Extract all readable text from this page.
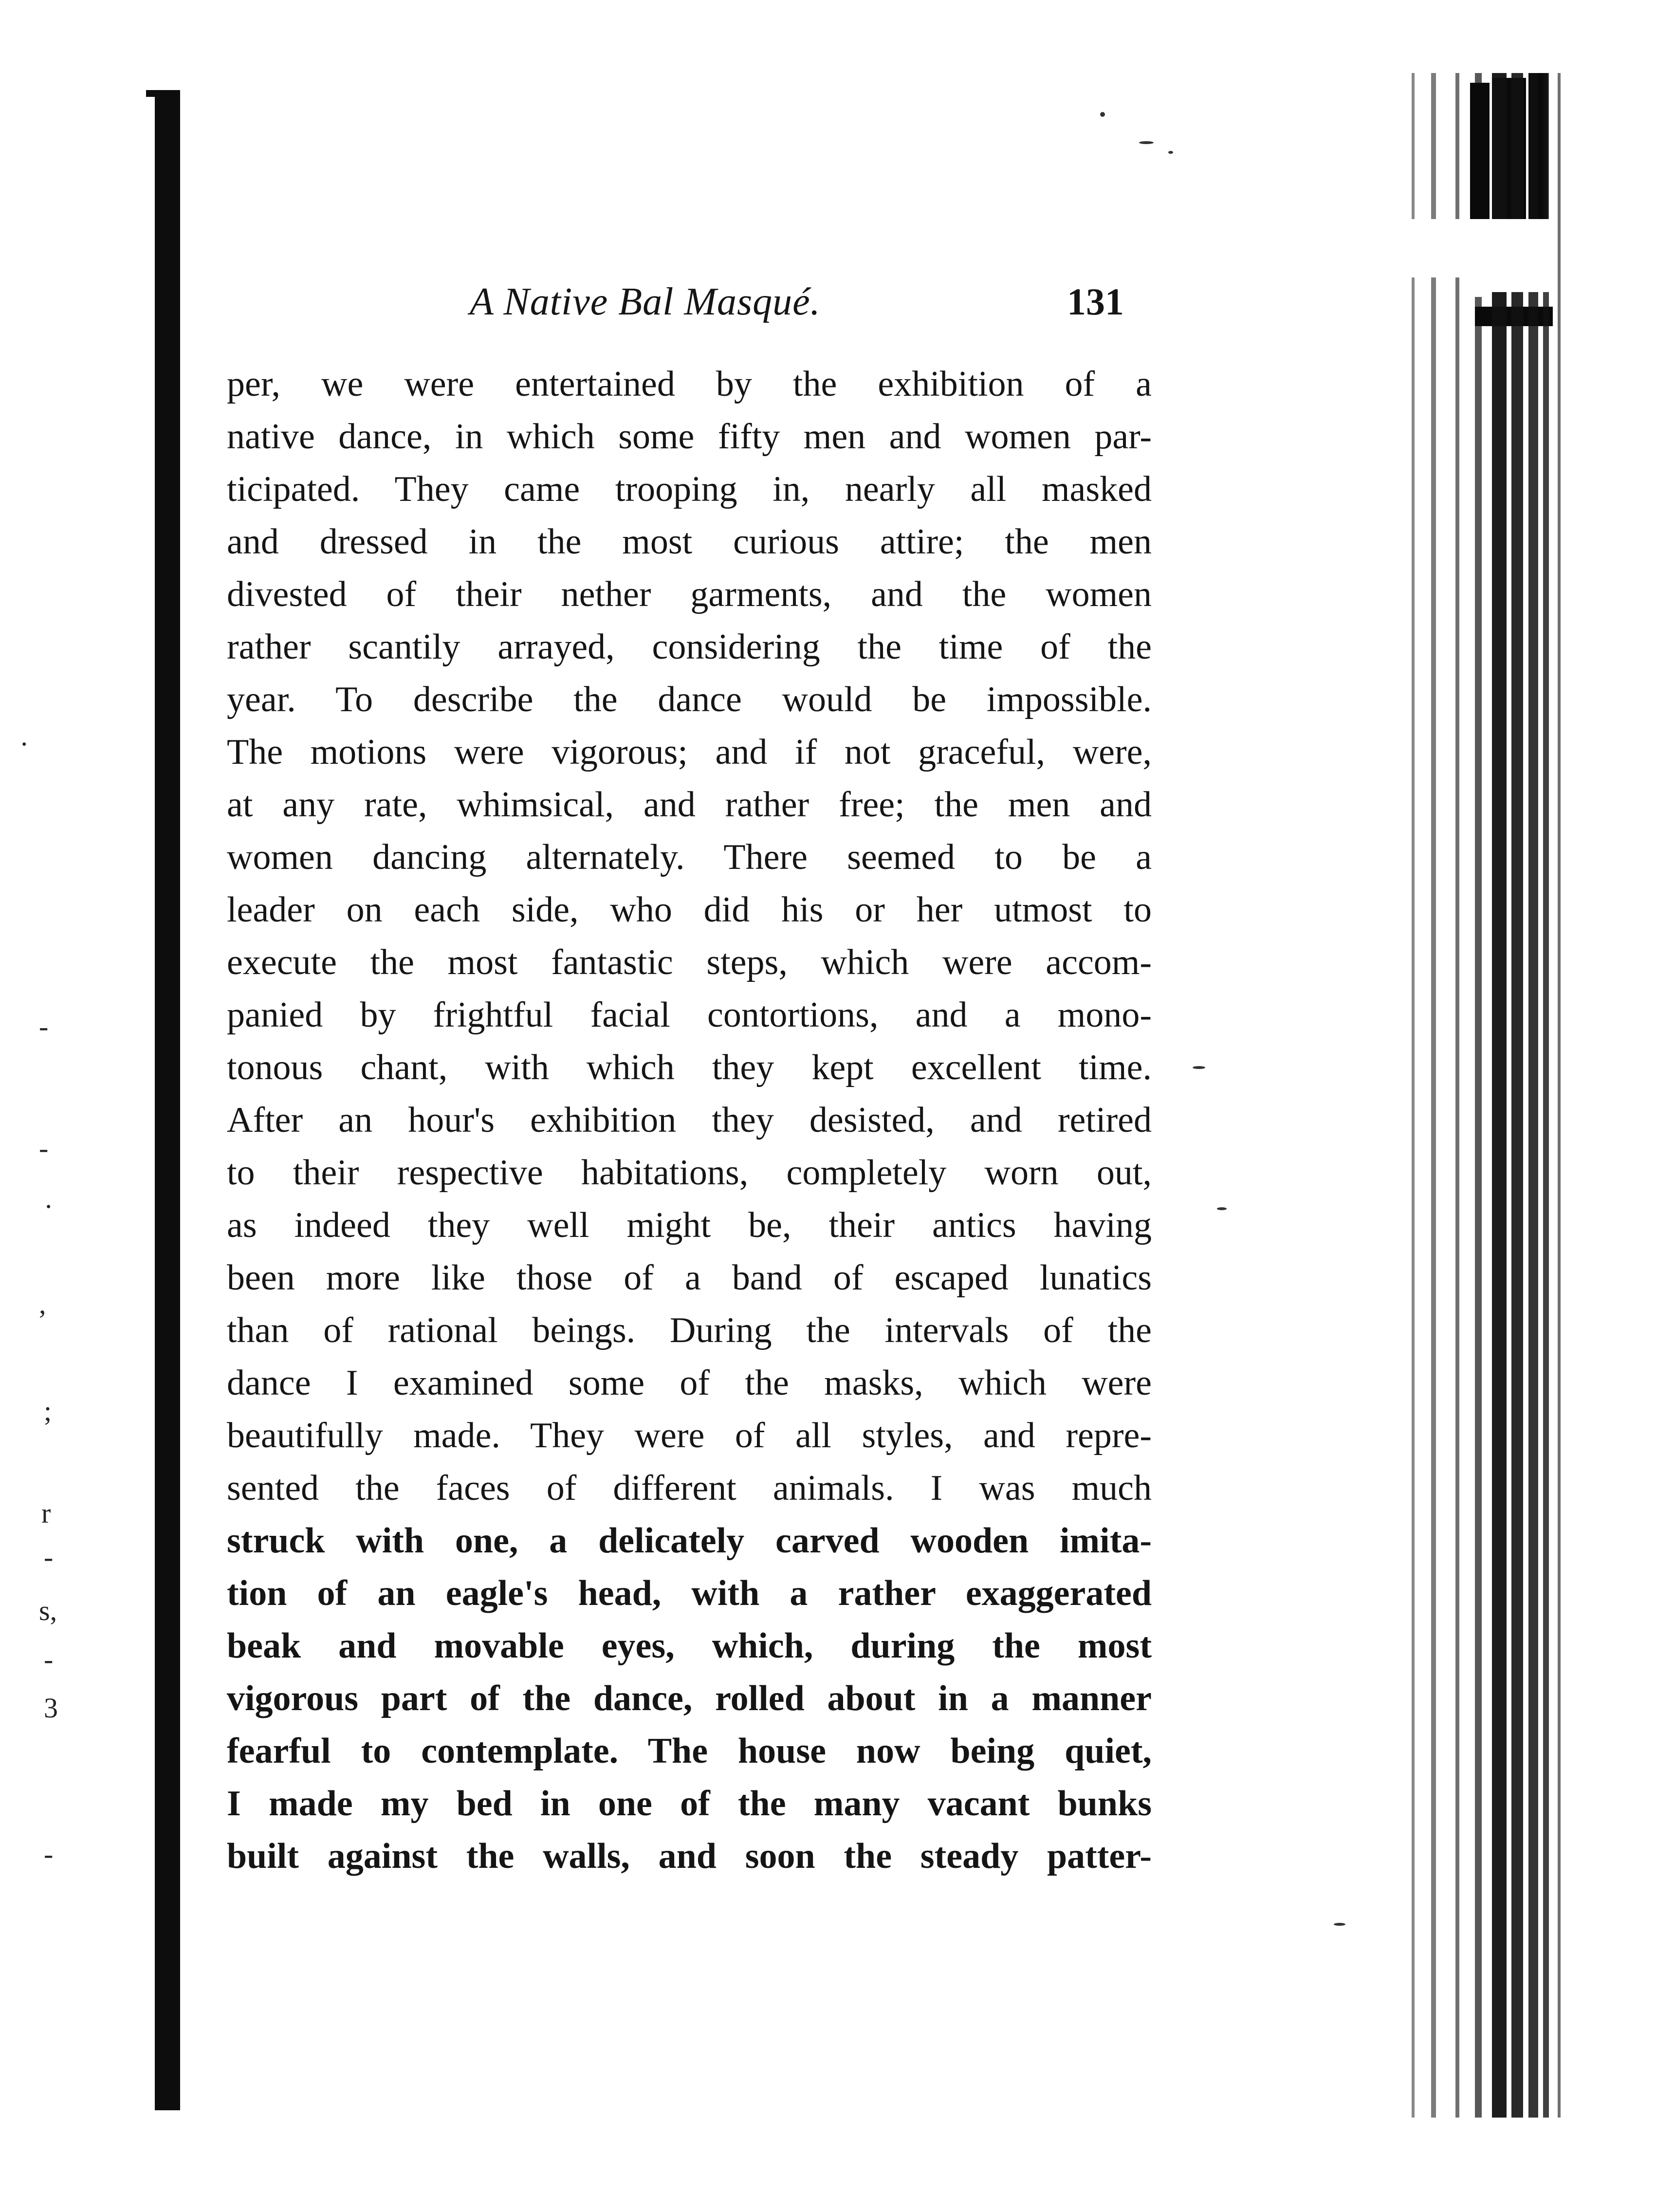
·
-
-
·
,
;
r
-
s,
-
3
-
A Native Bal Masqué.	131
per, we were entertained by the exhibition of a
native dance, in which some fifty men and women par-
ticipated. They came trooping in, nearly all masked
and dressed in the most curious attire; the men
divested of their nether garments, and the women
rather scantily arrayed, considering the time of the
year. To describe the dance would be impossible.
The motions were vigorous; and if not graceful, were,
at any rate, whimsical, and rather free; the men and
women dancing alternately. There seemed to be a
leader on each side, who did his or her utmost to
execute the most fantastic steps, which were accom-
panied by frightful facial contortions, and a mono-
tonous chant, with which they kept excellent time.
After an hour's exhibition they desisted, and retired
to their respective habitations, completely worn out,
as indeed they well might be, their antics having
been more like those of a band of escaped lunatics
than of rational beings. During the intervals of the
dance I examined some of the masks, which were
beautifully made. They were of all styles, and repre-
sented the faces of different animals. I was much
struck with one, a delicately carved wooden imita-
tion of an eagle's head, with a rather exaggerated
beak and movable eyes, which, during the most
vigorous part of the dance, rolled about in a manner
fearful to contemplate. The house now being quiet,
I made my bed in one of the many vacant bunks
built against the walls, and soon the steady patter-
